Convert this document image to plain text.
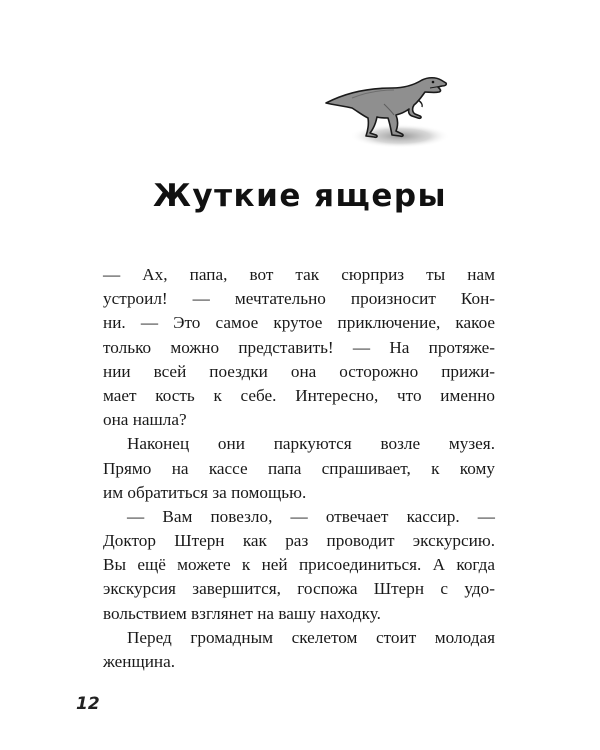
Жуткие ящеры
— Ах, папа, вот так сюрприз ты нам
устроил! — мечтательно произносит Кон-
ни. — Это самое крутое приключение, какое
только можно представить! — На протяже-
нии всей поездки она осторожно прижи-
мает кость к себе. Интересно, что именно
она нашла?
Наконец они паркуются возле музея.
Прямо на кассе папа спрашивает, к кому
им обратиться за помощью.
— Вам повезло, — отвечает кассир. —
Доктор Штерн как раз проводит экскурсию.
Вы ещё можете к ней присоединиться. А когда
экскурсия завершится, госпожа Штерн с удо-
вольствием взглянет на вашу находку.
Перед громадным скелетом стоит молодая
женщина.
12
